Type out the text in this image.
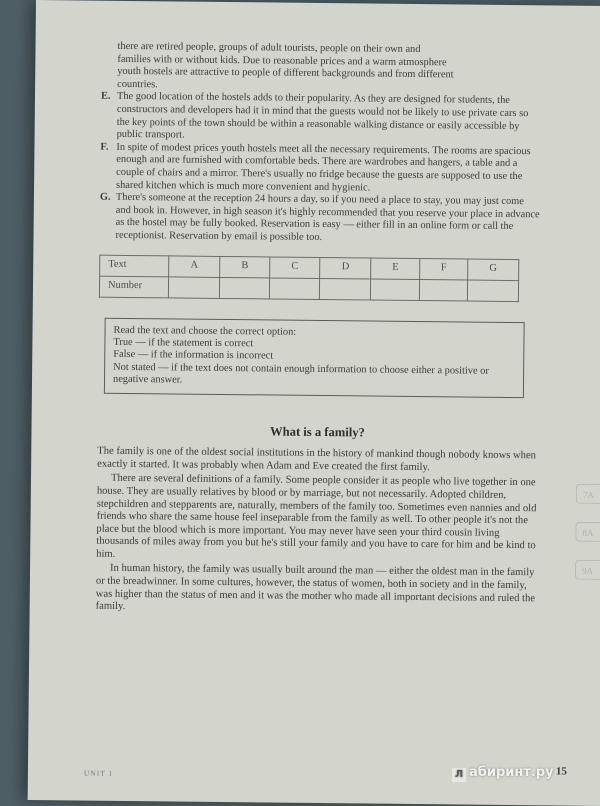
there are retired people, groups of adult tourists, people on their own and
families with or without kids. Due to reasonable prices and a warm atmosphere
youth hostels are attractive to people of different backgrounds and from different
countries.
E. The good location of the hostels adds to their popularity. As they are designed for students, the constructors and developers had it in mind that the guests would not be likely to use private cars so the key points of the town should be within a reasonable walking distance or easily accessible by public transport.
F. In spite of modest prices youth hostels meet all the necessary requirements. The rooms are spacious enough and are furnished with comfortable beds. There are wardrobes and hangers, a table and a couple of chairs and a mirror. There's usually no fridge because the guests are supposed to use the shared kitchen which is much more convenient and hygienic.
G. There's someone at the reception 24 hours a day, so if you need a place to stay, you may just come and book in. However, in high season it's highly recommended that you reserve your place in advance as the hostel may be fully booked. Reservation is easy — either fill in an online form or call the receptionist. Reservation by email is possible too.
Text	A	B	C	D	E	F	G
Number							

Read the text and choose the correct option:

True — if the statement is correct

False — if the information is incorrect

Not stated — if the text does not contain enough information to choose either a positive or negative answer.

What is a family?

The family is one of the oldest social institutions in the history of mankind though nobody knows when exactly it started. It was probably when Adam and Eve created the first family.

There are several definitions of a family. Some people consider it as people who live together in one house. They are usually relatives by blood or by marriage, but not necessarily. Adopted children, stepchildren and stepparents are, naturally, members of the family too. Sometimes even nannies and old friends who share the same house feel inseparable from the family as well. To other people it's not the place but the blood which is more important. You may never have seen your third cousin living thousands of miles away from you but he's still your family and you have to care for him and be kind to him.

In human history, the family was usually built around the man — either the oldest man in the family or the breadwinner. In some cultures, however, the status of women, both in society and in the family, was higher than the status of men and it was the mother who made all important decisions and ruled the family.

7A
8A
9A
UNIT 1	15
Л абиринт.ру
